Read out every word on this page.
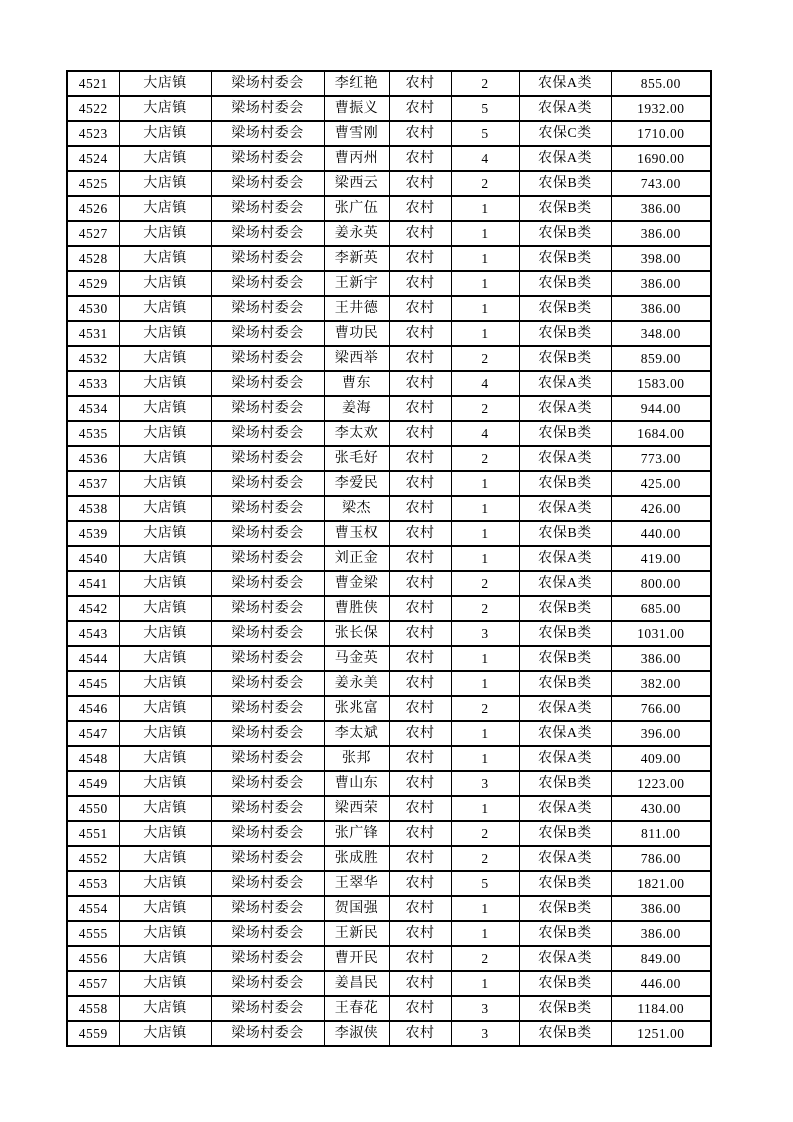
4521	大店镇	梁场村委会	李红艳	农村	2	农保A类	855.00
4522	大店镇	梁场村委会	曹振义	农村	5	农保A类	1932.00
4523	大店镇	梁场村委会	曹雪刚	农村	5	农保C类	1710.00
4524	大店镇	梁场村委会	曹丙州	农村	4	农保A类	1690.00
4525	大店镇	梁场村委会	梁西云	农村	2	农保B类	743.00
4526	大店镇	梁场村委会	张广伍	农村	1	农保B类	386.00
4527	大店镇	梁场村委会	姜永英	农村	1	农保B类	386.00
4528	大店镇	梁场村委会	李新英	农村	1	农保B类	398.00
4529	大店镇	梁场村委会	王新宇	农村	1	农保B类	386.00
4530	大店镇	梁场村委会	王井德	农村	1	农保B类	386.00
4531	大店镇	梁场村委会	曹功民	农村	1	农保B类	348.00
4532	大店镇	梁场村委会	梁西举	农村	2	农保B类	859.00
4533	大店镇	梁场村委会	曹东	农村	4	农保A类	1583.00
4534	大店镇	梁场村委会	姜海	农村	2	农保A类	944.00
4535	大店镇	梁场村委会	李太欢	农村	4	农保B类	1684.00
4536	大店镇	梁场村委会	张毛好	农村	2	农保A类	773.00
4537	大店镇	梁场村委会	李爱民	农村	1	农保B类	425.00
4538	大店镇	梁场村委会	梁杰	农村	1	农保A类	426.00
4539	大店镇	梁场村委会	曹玉权	农村	1	农保B类	440.00
4540	大店镇	梁场村委会	刘正金	农村	1	农保A类	419.00
4541	大店镇	梁场村委会	曹金梁	农村	2	农保A类	800.00
4542	大店镇	梁场村委会	曹胜侠	农村	2	农保B类	685.00
4543	大店镇	梁场村委会	张长保	农村	3	农保B类	1031.00
4544	大店镇	梁场村委会	马金英	农村	1	农保B类	386.00
4545	大店镇	梁场村委会	姜永美	农村	1	农保B类	382.00
4546	大店镇	梁场村委会	张兆富	农村	2	农保A类	766.00
4547	大店镇	梁场村委会	李太斌	农村	1	农保A类	396.00
4548	大店镇	梁场村委会	张邦	农村	1	农保A类	409.00
4549	大店镇	梁场村委会	曹山东	农村	3	农保B类	1223.00
4550	大店镇	梁场村委会	梁西荣	农村	1	农保A类	430.00
4551	大店镇	梁场村委会	张广锋	农村	2	农保B类	811.00
4552	大店镇	梁场村委会	张成胜	农村	2	农保A类	786.00
4553	大店镇	梁场村委会	王翠华	农村	5	农保B类	1821.00
4554	大店镇	梁场村委会	贺国强	农村	1	农保B类	386.00
4555	大店镇	梁场村委会	王新民	农村	1	农保B类	386.00
4556	大店镇	梁场村委会	曹开民	农村	2	农保A类	849.00
4557	大店镇	梁场村委会	姜昌民	农村	1	农保B类	446.00
4558	大店镇	梁场村委会	王春花	农村	3	农保B类	1184.00
4559	大店镇	梁场村委会	李淑侠	农村	3	农保B类	1251.00
